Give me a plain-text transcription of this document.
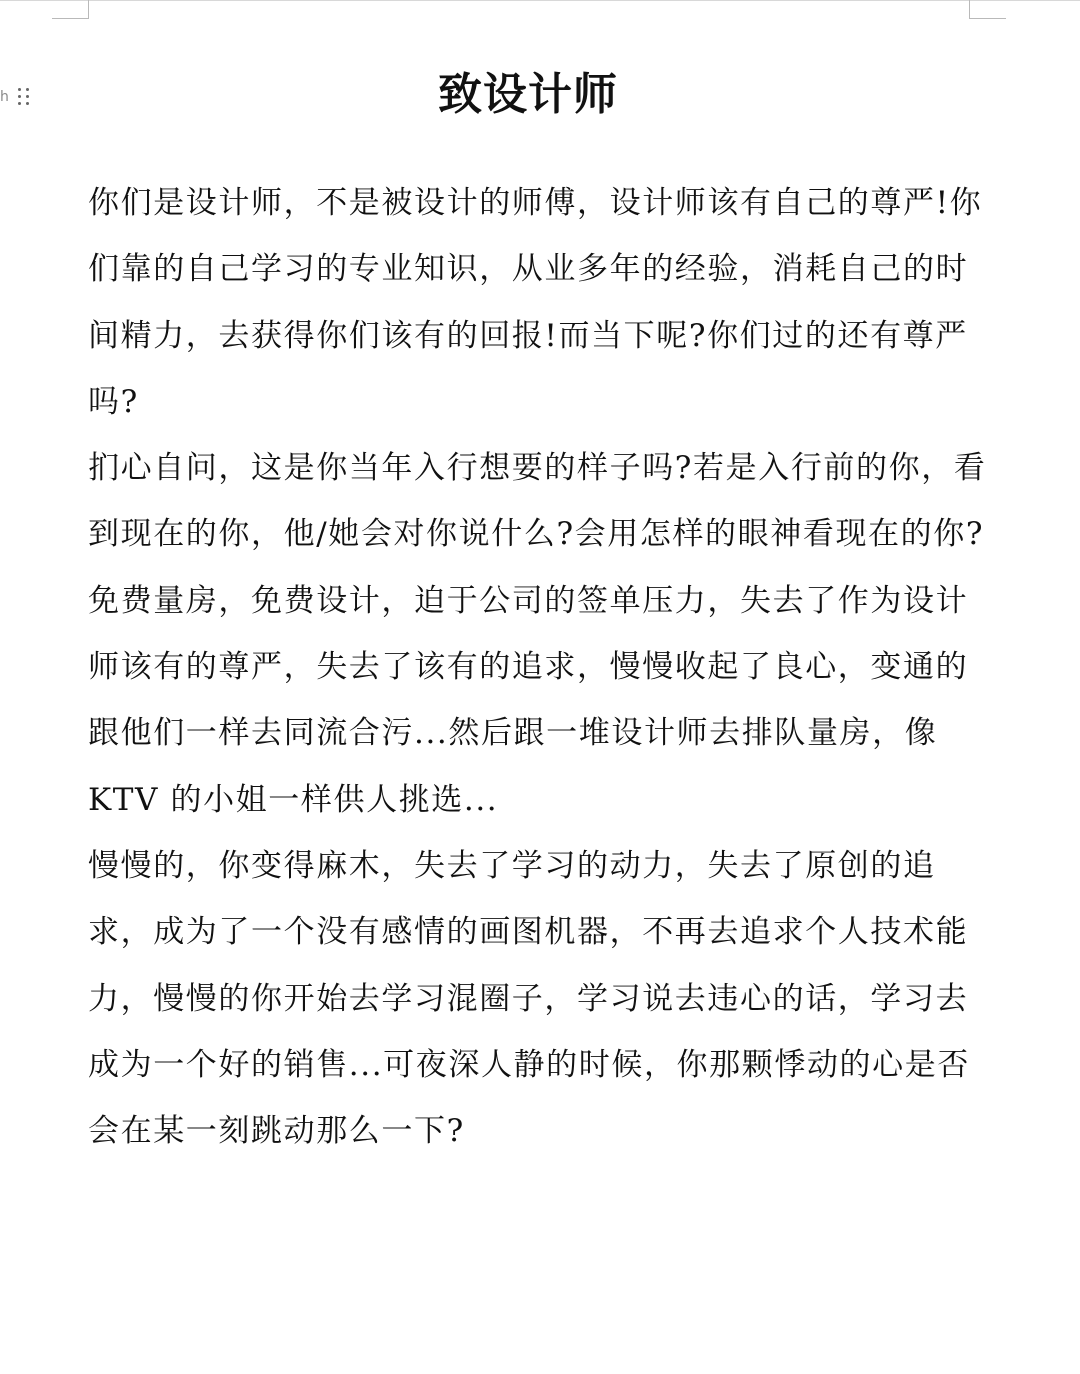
h	致设计师

你们是设计师，不是被设计的师傅，设计师该有自己的尊严!你们靠的自己学习的专业知识，从业多年的经验，消耗自己的时间精力，去获得你们该有的回报!而当下呢?你们过的还有尊严吗?

扪心自问，这是你当年入行想要的样子吗?若是入行前的你，看到现在的你，他/她会对你说什么?会用怎样的眼神看现在的你?

免费量房，免费设计，迫于公司的签单压力，失去了作为设计师该有的尊严，失去了该有的追求，慢慢收起了良心，变通的跟他们一样去同流合污...然后跟一堆设计师去排队量房，像 KTV 的小姐一样供人挑选...

慢慢的，你变得麻木，失去了学习的动力，失去了原创的追求，成为了一个没有感情的画图机器，不再去追求个人技术能力，慢慢的你开始去学习混圈子，学习说去违心的话，学习去成为一个好的销售...可夜深人静的时候，你那颗悸动的心是否会在某一刻跳动那么一下?
